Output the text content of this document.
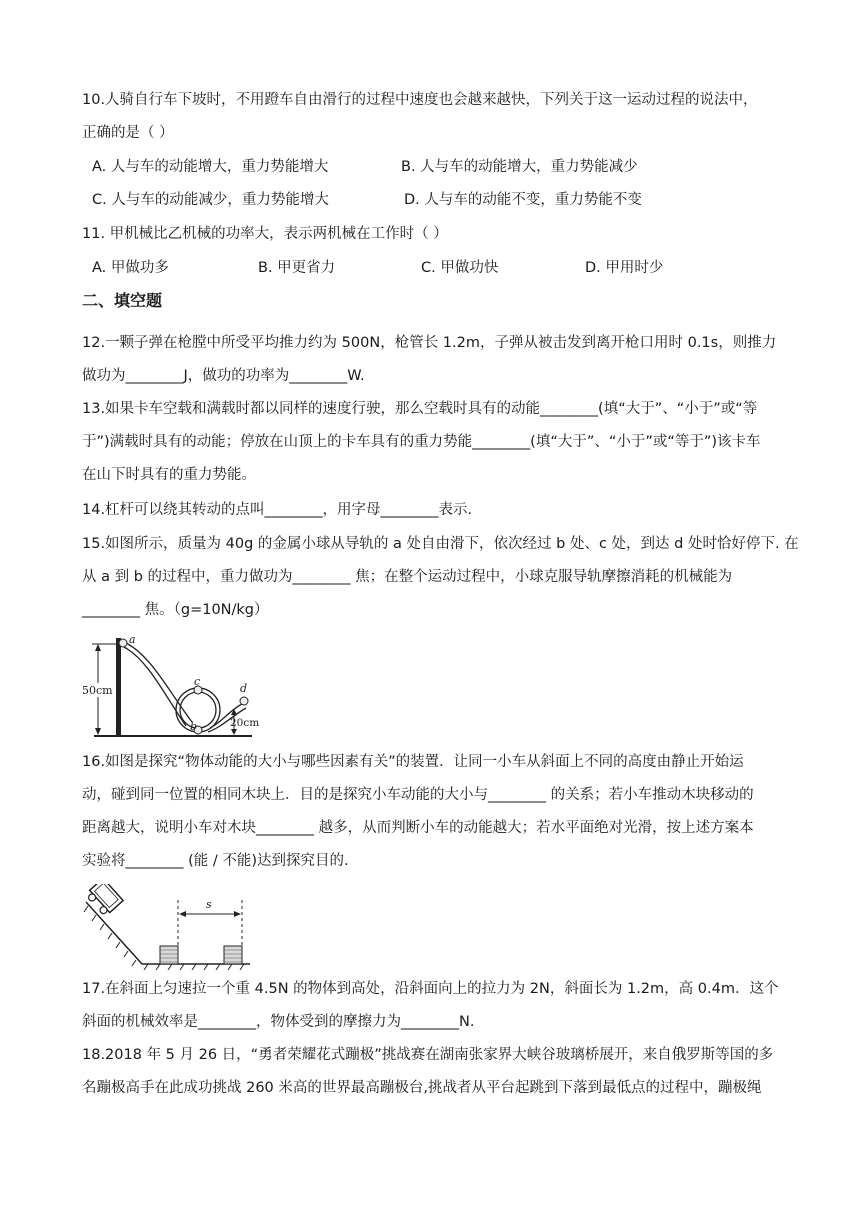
10.人骑自行车下坡时，不用蹬车自由滑行的过程中速度也会越来越快，下列关于这一运动过程的说法中，
正确的是（ ）
A. 人与车的动能增大，重力势能增大	B. 人与车的动能增大，重力势能减少
C. 人与车的动能减少，重力势能增大	D. 人与车的动能不变，重力势能不变
11. 甲机械比乙机械的功率大，表示两机械在工作时（ ）
A. 甲做功多	B. 甲更省力	C. 甲做功快	D. 甲用时少
二、填空题
12.一颗子弹在枪膛中所受平均推力约为 500N，枪管长 1.2m，子弹从被击发到离开枪口用时 0.1s，则推力
做功为________J，做功的功率为________W.
13.如果卡车空载和满载时都以同样的速度行驶，那么空载时具有的动能________(填“大于”、“小于”或“等
于”)满载时具有的动能；停放在山顶上的卡车具有的重力势能________(填“大于”、“小于”或“等于”)该卡车
在山下时具有的重力势能。
14.杠杆可以绕其转动的点叫________，用字母________表示.
15.如图所示，质量为 40g 的金属小球从导轨的 a 处自由滑下，依次经过 b 处、c 处，到达 d 处时恰好停下. 在
从 a 到 b 的过程中，重力做功为________ 焦；在整个运动过程中，小球克服导轨摩擦消耗的机械能为
________ 焦。（g=10N/kg）
50cm
a
b
c
d
20cm
16.如图是探究“物体动能的大小与哪些因素有关”的装置．让同一小车从斜面上不同的高度由静止开始运
动，碰到同一位置的相同木块上．目的是探究小车动能的大小与________ 的关系；若小车推动木块移动的
距离越大，说明小车对木块________ 越多，从而判断小车的动能越大；若水平面绝对光滑，按上述方案本
实验将________ (能 / 不能)达到探究目的.
s
17.在斜面上匀速拉一个重 4.5N 的物体到高处，沿斜面向上的拉力为 2N，斜面长为 1.2m，高 0.4m．这个
斜面的机械效率是________，物体受到的摩擦力为________N.
18.2018 年 5 月 26 日，“勇者荣耀花式蹦极”挑战赛在湖南张家界大峡谷玻璃桥展开，来自俄罗斯等国的多
名蹦极高手在此成功挑战 260 米高的世界最高蹦极台,挑战者从平台起跳到下落到最低点的过程中，蹦极绳
